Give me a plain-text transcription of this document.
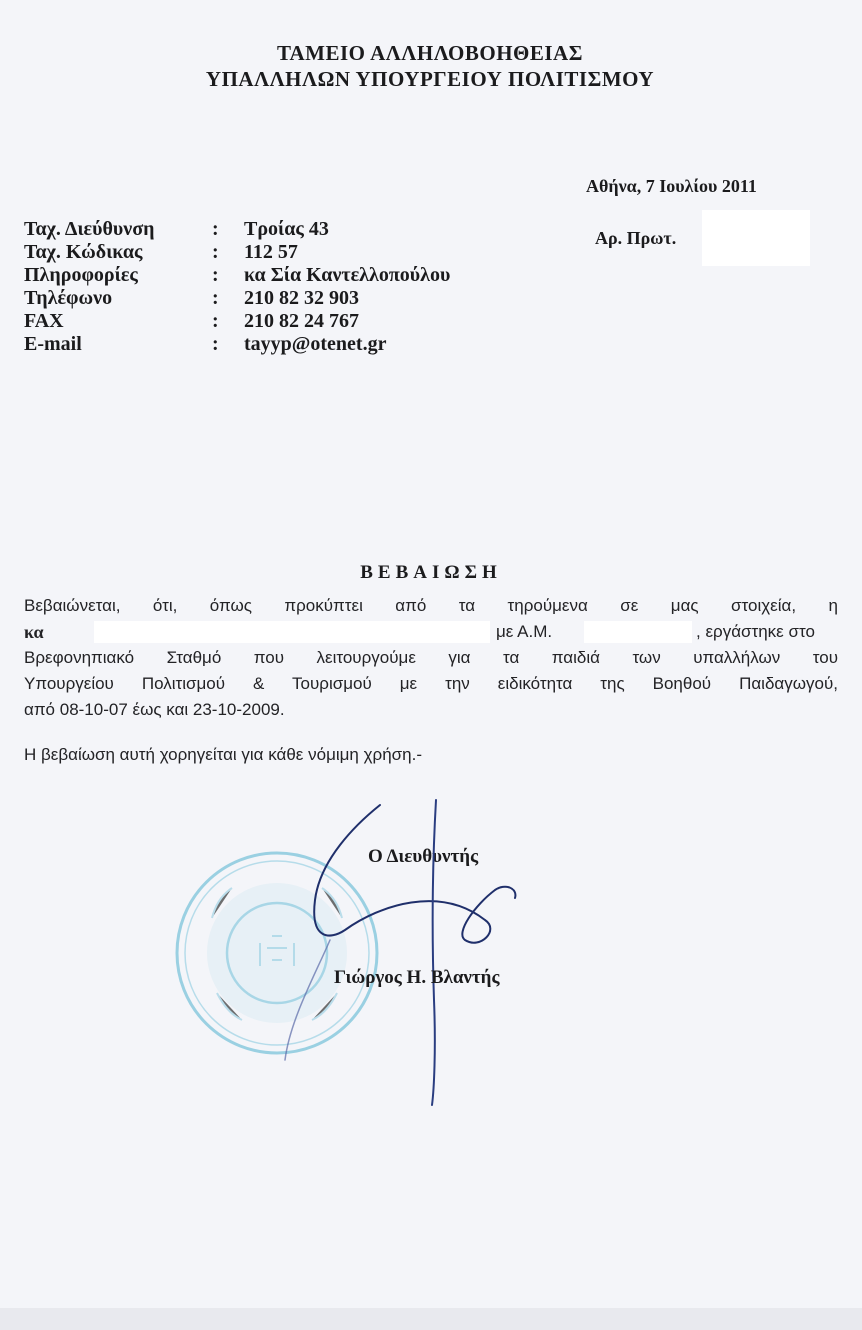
ΤΑΜΕΙΟ ΑΛΛΗΛΟΒΟΗΘΕΙΑΣ
ΥΠΑΛΛΗΛΩΝ ΥΠΟΥΡΓΕΙΟΥ ΠΟΛΙΤΙΣΜΟΥ
Αθήνα, 7 Ιουλίου 2011
Αρ. Πρωτ.
Ταχ. Διεύθυνση	: Τροίας 43
Ταχ. Κώδικας	: 112 57
Πληροφορίες	: κα Σία Καντελλοπούλου
Τηλέφωνο	: 210 82 32 903
FAX	: 210 82 24 767
E-mail	: tayyp@otenet.gr
ΒΕΒΑΙΩΣΗ
Βεβαιώνεται, ότι, όπως προκύπτει από τα τηρούμενα σε μας στοιχεία, η
κα	με Α.Μ.	, εργάστηκε στο
Βρεφονηπιακό Σταθμό που λειτουργούμε για τα παιδιά των υπαλλήλων του
Υπουργείου Πολιτισμού & Τουρισμού με την ειδικότητα της Βοηθού Παιδαγωγού,
από 08-10-07 έως και 23-10-2009.
Η βεβαίωση αυτή χορηγείται για κάθε νόμιμη χρήση.-
Ο Διευθυντής
Γιώργος Η. Βλαντής
